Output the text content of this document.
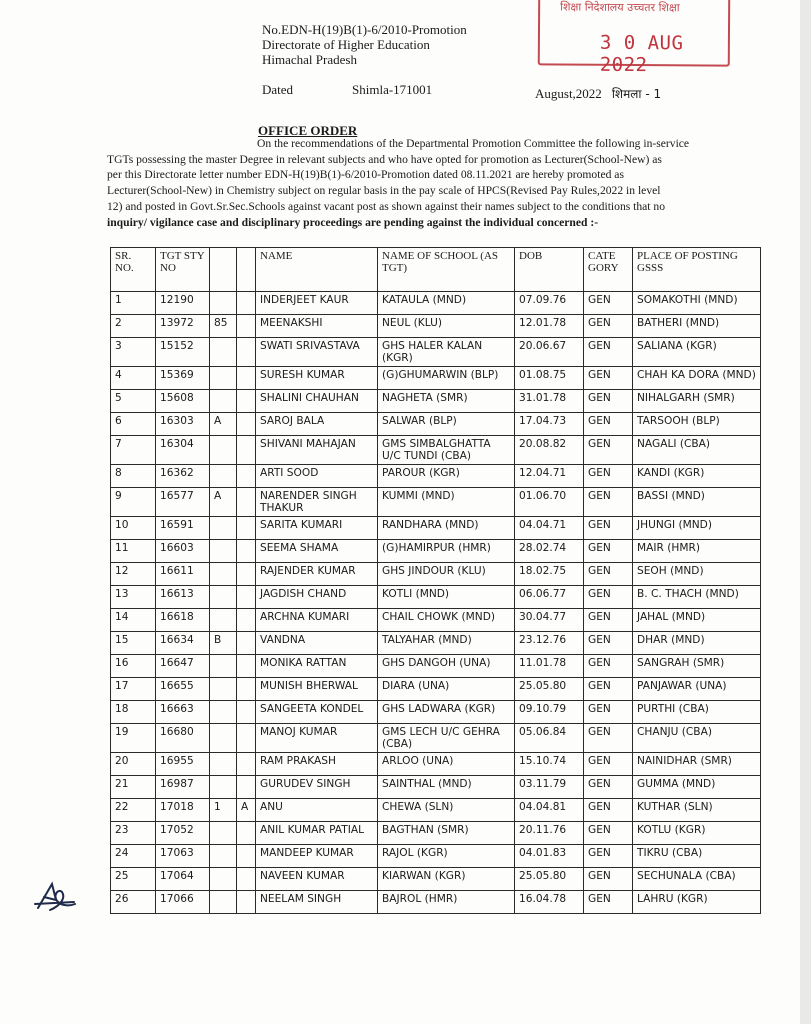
शिक्षा निदेशालय उच्चतर शिक्षा
3 0 AUG 2022
No.EDN-H(19)B(1)-6/2010-Promotion
Directorate of Higher Education
Himachal Pradesh
Dated	Shimla-171001	August,2022 शिमला - 1
OFFICE ORDER
On the recommendations of the Departmental Promotion Committee the following in-service
TGTs possessing the master Degree in relevant subjects and who have opted for promotion as Lecturer(School-New) as
per this Directorate letter number EDN-H(19)B(1)-6/2010-Promotion dated 08.11.2021 are hereby promoted as
Lecturer(School-New) in Chemistry subject on regular basis in the pay scale of HPCS(Revised Pay Rules,2022 in level
12) and posted in Govt.Sr.Sec.Schools against vacant post as shown against their names subject to the conditions that no
inquiry/ vigilance case and disciplinary proceedings are pending against the individual concerned :-
SR. NO.	TGT STY NO			NAME	NAME OF SCHOOL (AS TGT)	DOB	CATE GORY	PLACE OF POSTING GSSS
1	12190			INDERJEET KAUR	KATAULA (MND)	07.09.76	GEN	SOMAKOTHI (MND)
2	13972	85		MEENAKSHI	NEUL (KLU)	12.01.78	GEN	BATHERI (MND)
3	15152			SWATI SRIVASTAVA	GHS HALER KALAN (KGR)	20.06.67	GEN	SALIANA (KGR)
4	15369			SURESH KUMAR	(G)GHUMARWIN (BLP)	01.08.75	GEN	CHAH KA DORA (MND)
5	15608			SHALINI CHAUHAN	NAGHETA (SMR)	31.01.78	GEN	NIHALGARH (SMR)
6	16303	A		SAROJ BALA	SALWAR (BLP)	17.04.73	GEN	TARSOOH (BLP)
7	16304			SHIVANI MAHAJAN	GMS SIMBALGHATTA U/C TUNDI (CBA)	20.08.82	GEN	NAGALI (CBA)
8	16362			ARTI SOOD	PAROUR (KGR)	12.04.71	GEN	KANDI (KGR)
9	16577	A		NARENDER SINGH THAKUR	KUMMI (MND)	01.06.70	GEN	BASSI (MND)
10	16591			SARITA KUMARI	RANDHARA (MND)	04.04.71	GEN	JHUNGI (MND)
11	16603			SEEMA SHAMA	(G)HAMIRPUR (HMR)	28.02.74	GEN	MAIR (HMR)
12	16611			RAJENDER KUMAR	GHS JINDOUR (KLU)	18.02.75	GEN	SEOH (MND)
13	16613			JAGDISH CHAND	KOTLI (MND)	06.06.77	GEN	B. C. THACH (MND)
14	16618			ARCHNA KUMARI	CHAIL CHOWK (MND)	30.04.77	GEN	JAHAL (MND)
15	16634	B		VANDNA	TALYAHAR (MND)	23.12.76	GEN	DHAR (MND)
16	16647			MONIKA RATTAN	GHS DANGOH (UNA)	11.01.78	GEN	SANGRAH (SMR)
17	16655			MUNISH BHERWAL	DIARA (UNA)	25.05.80	GEN	PANJAWAR (UNA)
18	16663			SANGEETA KONDEL	GHS LADWARA (KGR)	09.10.79	GEN	PURTHI (CBA)
19	16680			MANOJ KUMAR	GMS LECH U/C GEHRA (CBA)	05.06.84	GEN	CHANJU (CBA)
20	16955			RAM PRAKASH	ARLOO (UNA)	15.10.74	GEN	NAINIDHAR (SMR)
21	16987			GURUDEV SINGH	SAINTHAL (MND)	03.11.79	GEN	GUMMA (MND)
22	17018	1	A	ANU	CHEWA (SLN)	04.04.81	GEN	KUTHAR (SLN)
23	17052			ANIL KUMAR PATIAL	BAGTHAN (SMR)	20.11.76	GEN	KOTLU (KGR)
24	17063			MANDEEP KUMAR	RAJOL (KGR)	04.01.83	GEN	TIKRU (CBA)
25	17064			NAVEEN KUMAR	KIARWAN (KGR)	25.05.80	GEN	SECHUNALA (CBA)
26	17066			NEELAM SINGH	BAJROL (HMR)	16.04.78	GEN	LAHRU (KGR)
